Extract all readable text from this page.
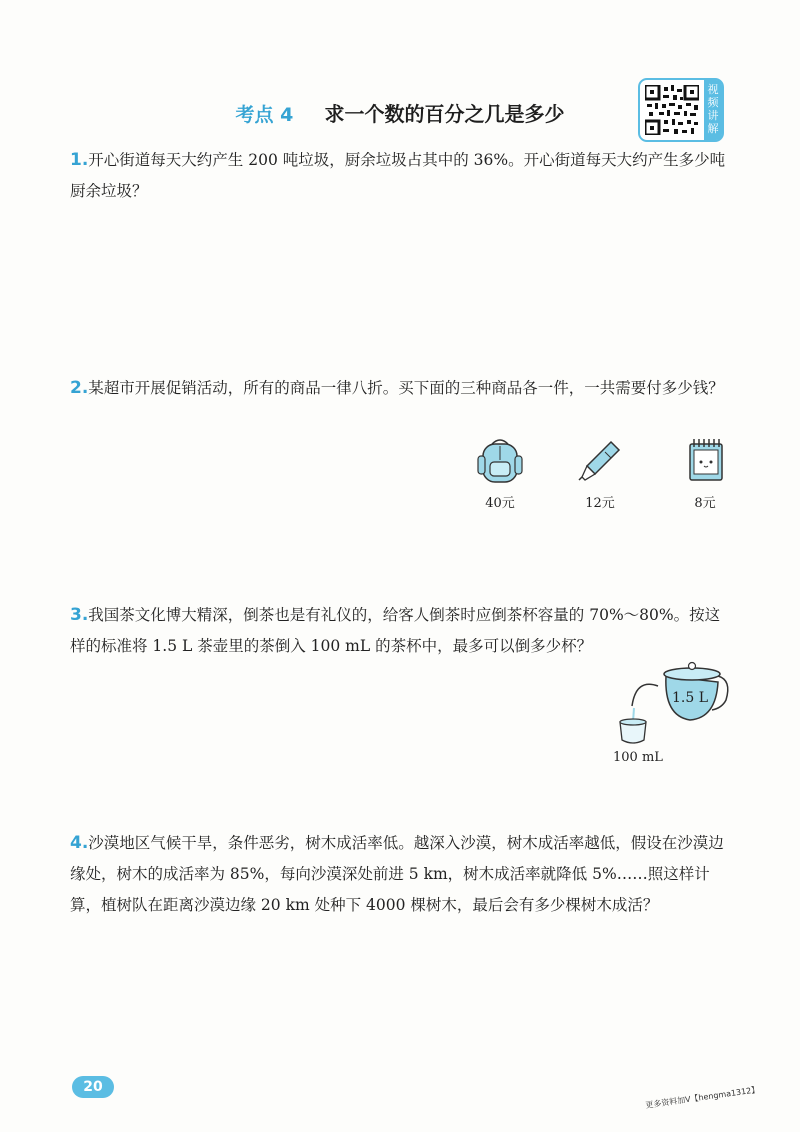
考点 4 求一个数的百分之几是多少
视频讲解
1.开心街道每天大约产生 200 吨垃圾，厨余垃圾占其中的 36%。开心街道每天大约产生多少吨厨余垃圾？
2.某超市开展促销活动，所有的商品一律八折。买下面的三种商品各一件，一共需要付多少钱？
40元	12元	8元
3.我国茶文化博大精深，倒茶也是有礼仪的，给客人倒茶时应倒茶杯容量的 70%～80%。按这样的标准将 1.5 L 茶壶里的茶倒入 100 mL 的茶杯中，最多可以倒多少杯？
1.5 L
100 mL
4.沙漠地区气候干旱，条件恶劣，树木成活率低。越深入沙漠，树木成活率越低，假设在沙漠边缘处，树木的成活率为 85%，每向沙漠深处前进 5 km，树木成活率就降低 5%……照这样计算，植树队在距离沙漠边缘 20 km 处种下 4000 棵树木，最后会有多少棵树木成活？
20	更多资料加V【hengma1312】
